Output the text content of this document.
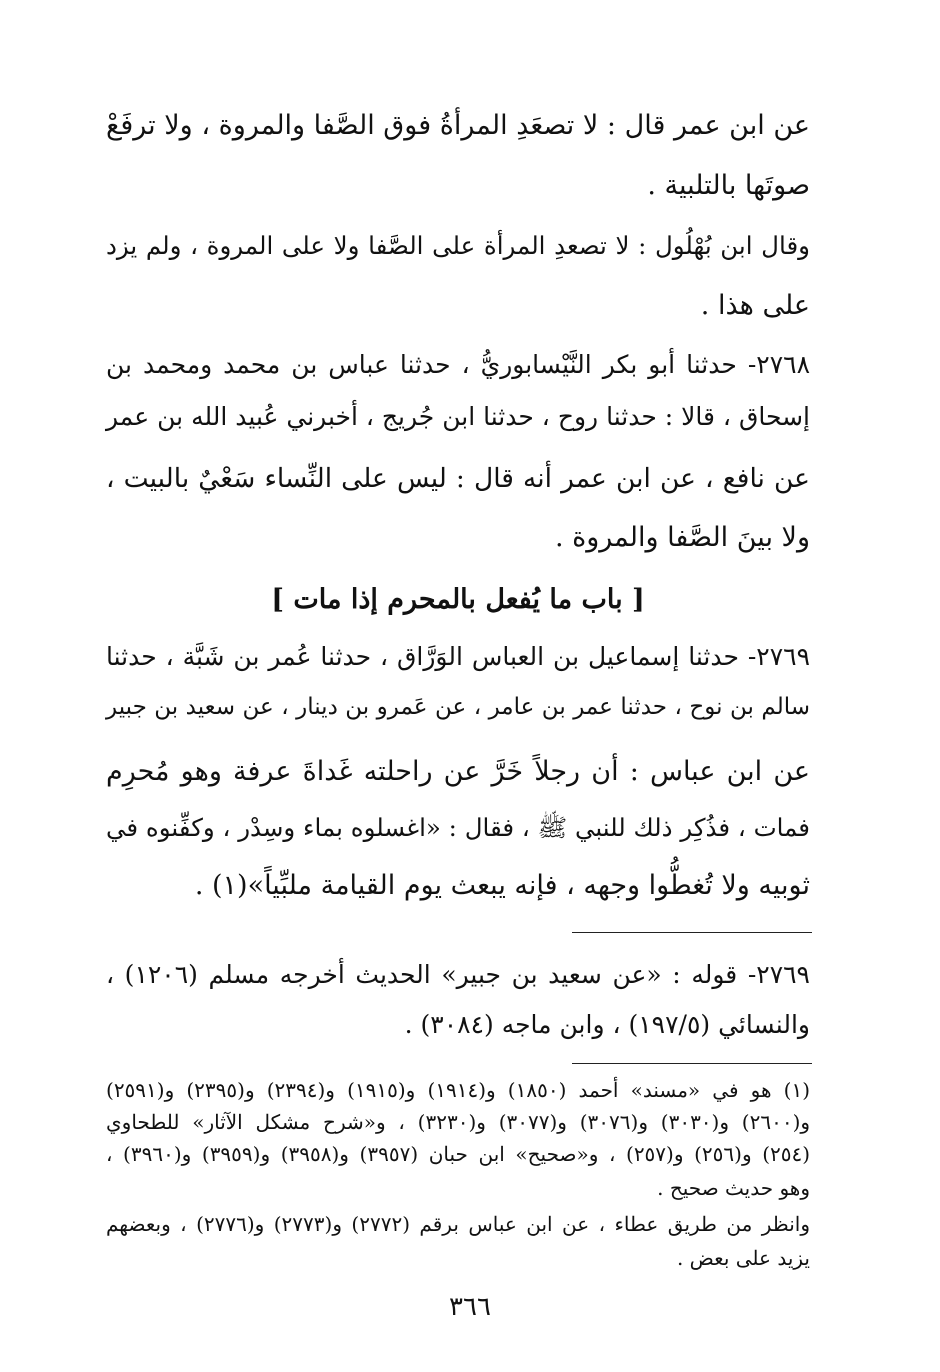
عن ابن عمر قال : لا تصعَدِ المرأةُ فوق الصَّفا والمروة ، ولا ترفَعْ
صوتَها بالتلبية .
وقال ابن بُهْلُول : لا تصعدِ المرأة على الصَّفا ولا على المروة ، ولم يزد
على هذا .
٢٧٦٨- حدثنا أبو بكر النَّيْسابوريُّ ، حدثنا عباس بن محمد ومحمد بن
إسحاق ، قالا : حدثنا روح ، حدثنا ابن جُريج ، أخبرني عُبيد الله بن عمر
عن نافع ، عن ابن عمر أنه قال : ليس على النِّساء سَعْيٌ بالبيت ،
ولا بينَ الصَّفا والمروة .
[ باب ما يُفعل بالمحرم إذا مات ]
٢٧٦٩- حدثنا إسماعيل بن العباس الوَرَّاق ، حدثنا عُمر بن شَبَّة ، حدثنا
سالم بن نوح ، حدثنا عمر بن عامر ، عن عَمرو بن دينار ، عن سعيد بن جبير
عن ابن عباس : أن رجلاً خَرَّ عن راحلته غَداةَ عرفة وهو مُحرِم
فمات ، فذُكِر ذلك للنبي ﷺ ، فقال : «اغسلوه بماء وسِدْر ، وكفِّنوه في
ثوبيه ولا تُغطُّوا وجهه ، فإنه يبعث يوم القيامة ملبِّياً»(١) .
٢٧٦٩- قوله : «عن سعيد بن جبير» الحديث أخرجه مسلم (١٢٠٦) ،
والنسائي (١٩٧/٥) ، وابن ماجه (٣٠٨٤) .
(١) هو في «مسند» أحمد (١٨٥٠) و(١٩١٤) و(١٩١٥) و(٢٣٩٤) و(٢٣٩٥) و(٢٥٩١)
و(٢٦٠٠) و(٣٠٣٠) و(٣٠٧٦) و(٣٠٧٧) و(٣٢٣٠) ، و«شرح مشكل الآثار» للطحاوي
(٢٥٤) و(٢٥٦) و(٢٥٧) ، و«صحيح» ابن حبان (٣٩٥٧) و(٣٩٥٨) و(٣٩٥٩) و(٣٩٦٠) ،
وهو حديث صحيح .
وانظر من طريق عطاء ، عن ابن عباس برقم (٢٧٧٢) و(٢٧٧٣) و(٢٧٧٦) ، وبعضهم
يزيد على بعض .
٣٦٦
